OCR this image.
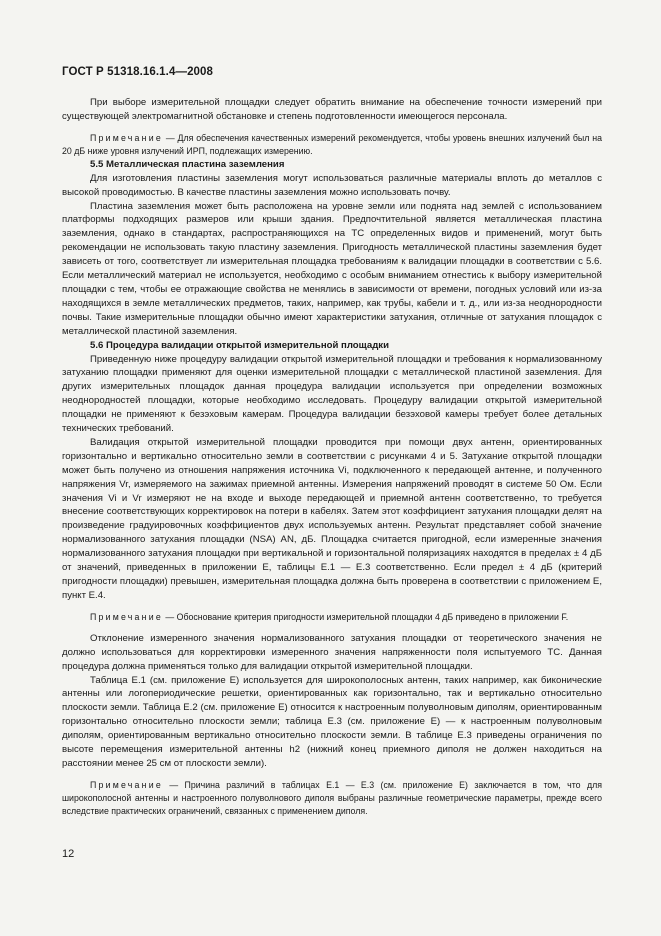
ГОСТ Р 51318.16.1.4—2008

При выборе измерительной площадки следует обратить внимание на обеспечение точности измерений при существующей электромагнитной обстановке и степень подготовленности имеющегося персонала.

Примечание — Для обеспечения качественных измерений рекомендуется, чтобы уровень внешних излучений был на 20 дБ ниже уровня излучений ИРП, подлежащих измерению.

5.5 Металлическая пластина заземления

Для изготовления пластины заземления могут использоваться различные материалы вплоть до металлов с высокой проводимостью. В качестве пластины заземления можно использовать почву.

Пластина заземления может быть расположена на уровне земли или поднята над землей с использованием платформы подходящих размеров или крыши здания. Предпочтительной является металлическая пластина заземления, однако в стандартах, распространяющихся на ТС определенных видов и применений, могут быть рекомендации не использовать такую пластину заземления. Пригодность металлической пластины заземления будет зависеть от того, соответствует ли измерительная площадка требованиям к валидации площадки в соответствии с 5.6. Если металлический материал не используется, необходимо с особым вниманием отнестись к выбору измерительной площадки с тем, чтобы ее отражающие свойства не менялись в зависимости от времени, погодных условий или из-за находящихся в земле металлических предметов, таких, например, как трубы, кабели и т. д., или из-за неоднородности почвы. Такие измерительные площадки обычно имеют характеристики затухания, отличные от затухания площадок с металлической пластиной заземления.

5.6 Процедура валидации открытой измерительной площадки

Приведенную ниже процедуру валидации открытой измерительной площадки и требования к нормализованному затуханию площадки применяют для оценки измерительной площадки с металлической пластиной заземления. Для других измерительных площадок данная процедура валидации используется при определении возможных неоднородностей площадки, которые необходимо исследовать. Процедуру валидации открытой измерительной площадки не применяют к безэховым камерам. Процедура валидации безэховой камеры требует более детальных технических требований.

Валидация открытой измерительной площадки проводится при помощи двух антенн, ориентированных горизонтально и вертикально относительно земли в соответствии с рисунками 4 и 5. Затухание открытой площадки может быть получено из отношения напряжения источника Vi, подключенного к передающей антенне, и полученного напряжения Vr, измеряемого на зажимах приемной антенны. Измерения напряжений проводят в системе 50 Ом. Если значения Vi и Vr измеряют не на входе и выходе передающей и приемной антенн соответственно, то требуется внесение соответствующих корректировок на потери в кабелях. Затем этот коэффициент затухания площадки делят на произведение градуировочных коэффициентов двух используемых антенн. Результат представляет собой значение нормализованного затухания площадки (NSA) AN, дБ. Площадка считается пригодной, если измеренные значения нормализованного затухания площадки при вертикальной и горизонтальной поляризациях находятся в пределах ± 4 дБ от значений, приведенных в приложении Е, таблицы Е.1 — Е.3 соответственно. Если предел ± 4 дБ (критерий пригодности площадки) превышен, измерительная площадка должна быть проверена в соответствии с приложением Е, пункт Е.4.

Примечание — Обоснование критерия пригодности измерительной площадки 4 дБ приведено в приложении F.

Отклонение измеренного значения нормализованного затухания площадки от теоретического значения не должно использоваться для корректировки измеренного значения напряженности поля испытуемого ТС. Данная процедура должна применяться только для валидации открытой измерительной площадки.

Таблица Е.1 (см. приложение Е) используется для широкополосных антенн, таких например, как биконические антенны или логопериодические решетки, ориентированных как горизонтально, так и вертикально относительно плоскости земли. Таблица Е.2 (см. приложение Е) относится к настроенным полуволновым диполям, ориентированным горизонтально относительно плоскости земли; таблица Е.3 (см. приложение Е) — к настроенным полуволновым диполям, ориентированным вертикально относительно плоскости земли. В таблице Е.3 приведены ограничения по высоте перемещения измерительной антенны h2 (нижний конец приемного диполя не должен находиться на расстоянии менее 25 см от плоскости земли).

Примечание — Причина различий в таблицах Е.1 — Е.3 (см. приложение Е) заключается в том, что для широкополосной антенны и настроенного полуволнового диполя выбраны различные геометрические параметры, прежде всего вследствие практических ограничений, связанных с применением диполя.

12
